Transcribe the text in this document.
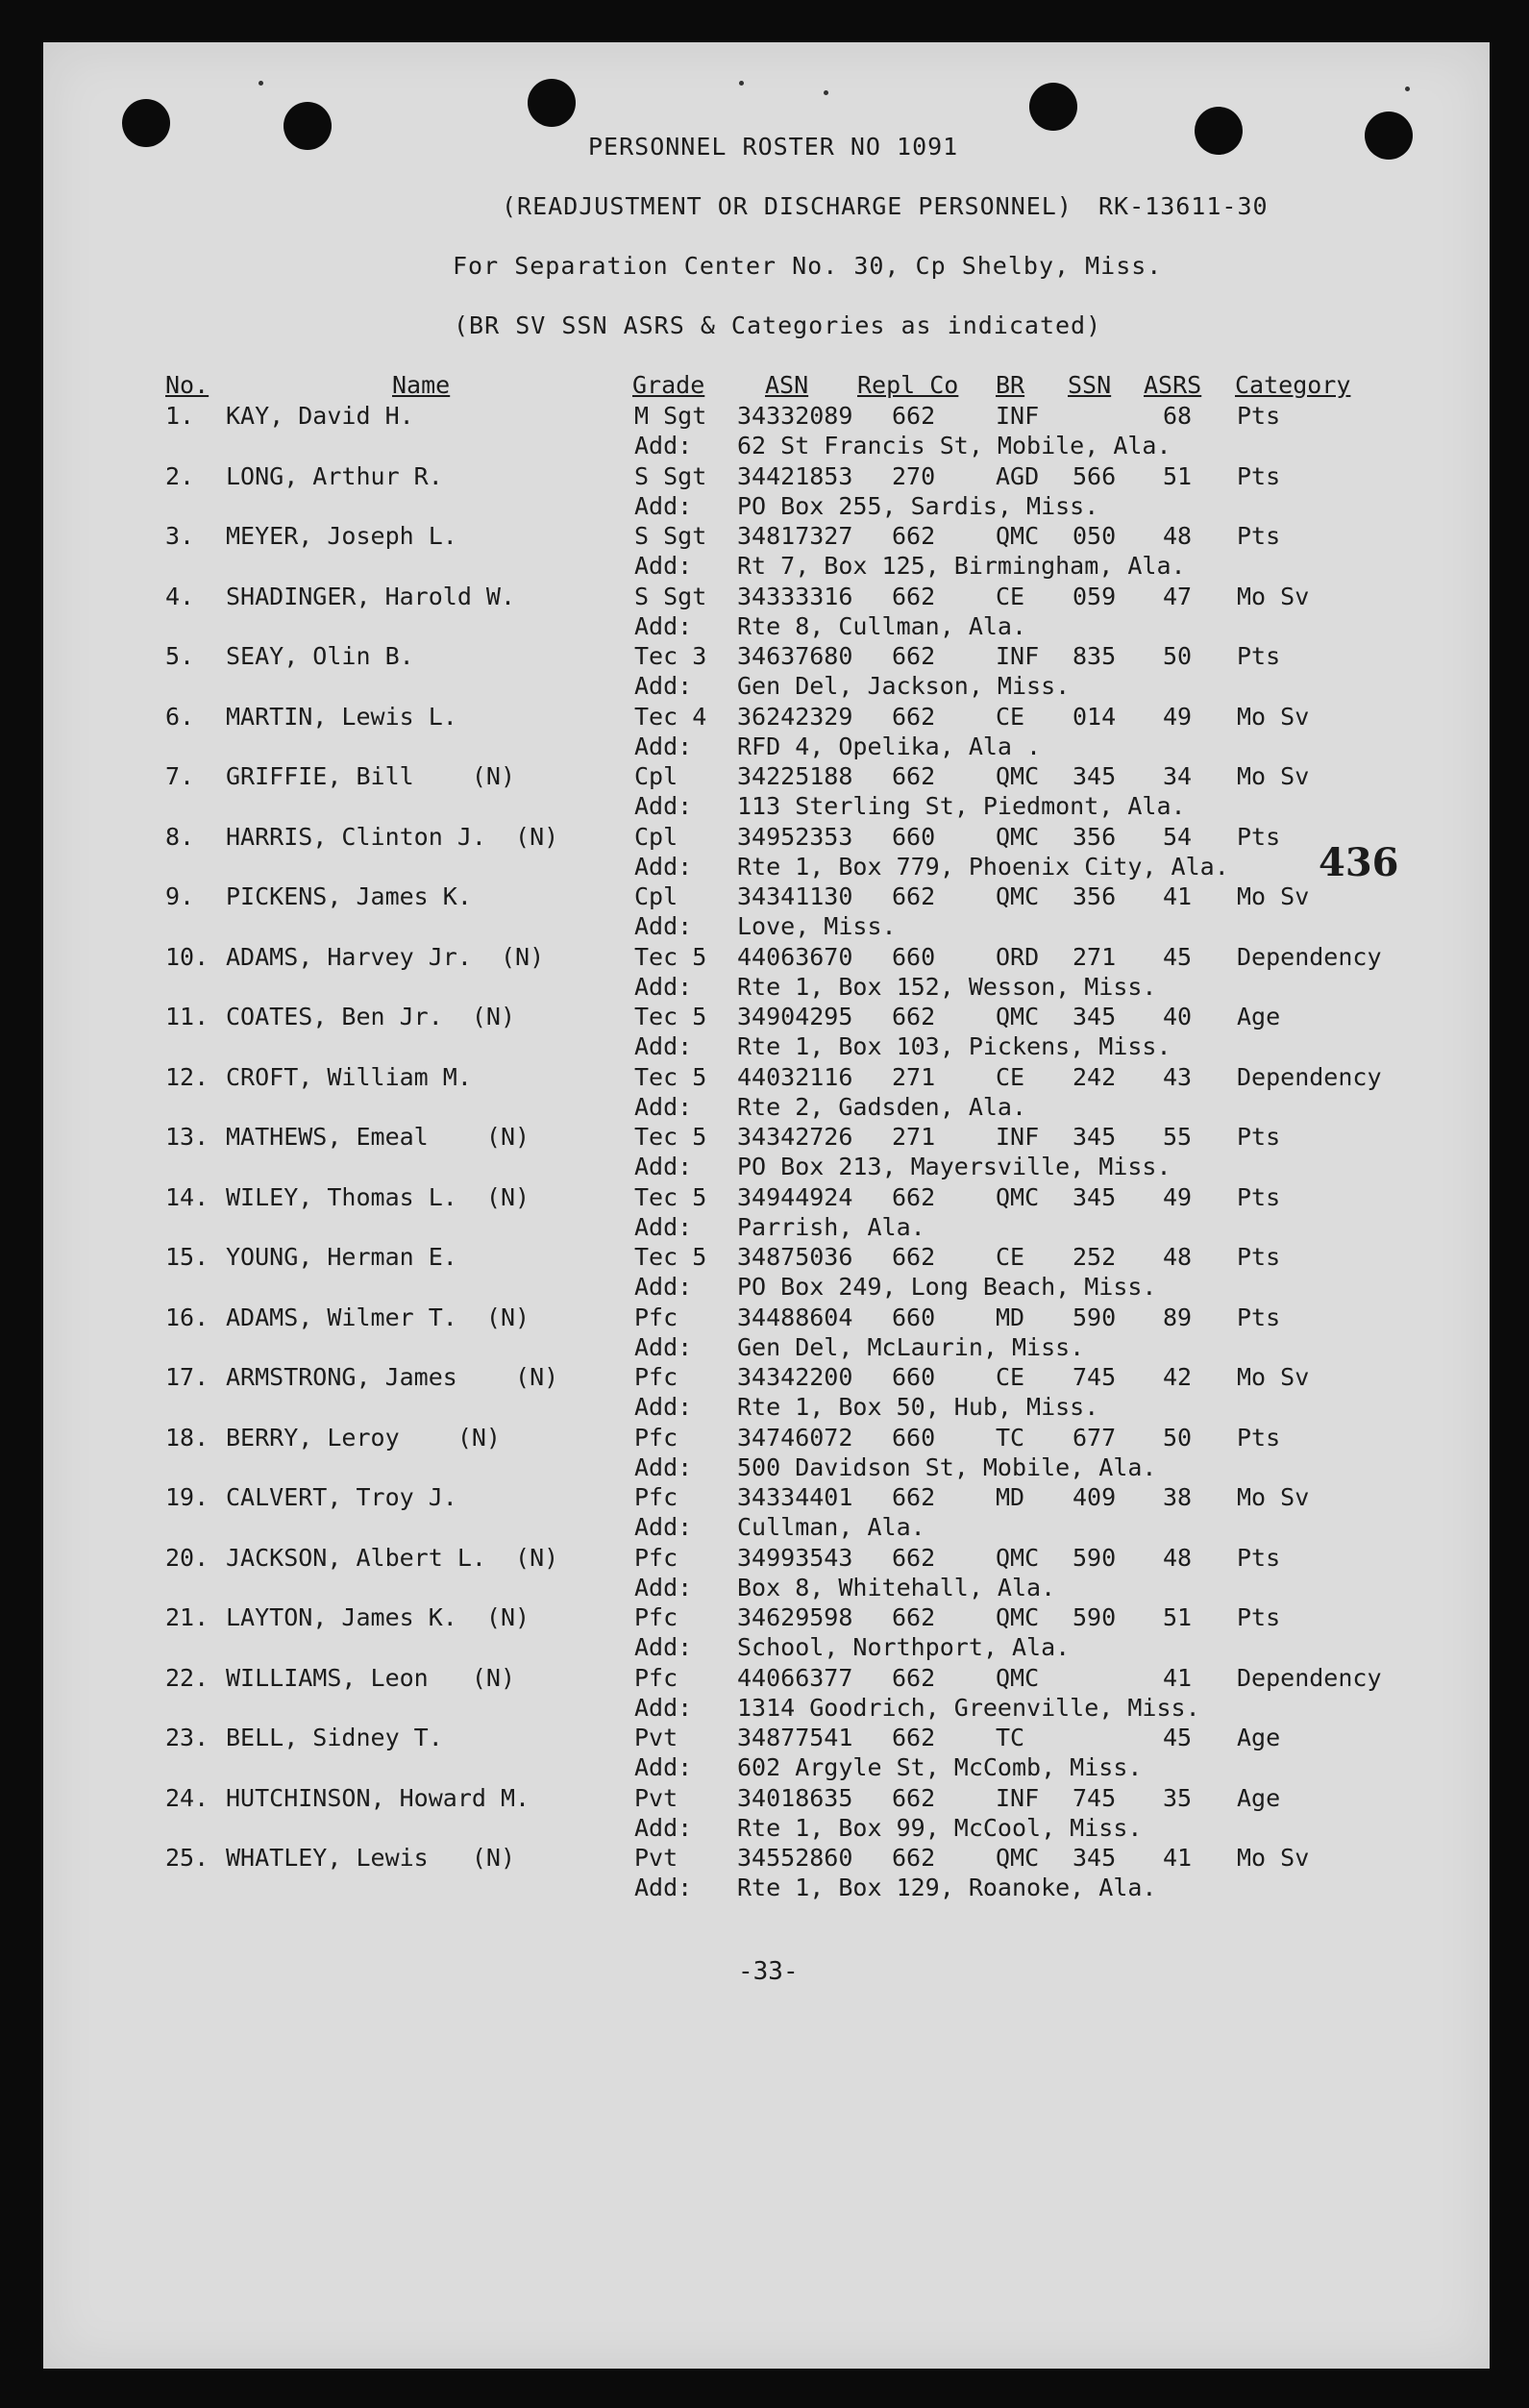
PERSONNEL ROSTER NO 1091

(READJUSTMENT OR DISCHARGE PERSONNEL)

RK-13611-30

For Separation Center No. 30, Cp Shelby, Miss.

(BR SV SSN ASRS & Categories as indicated)

No.	Name	Grade	ASN Repl Co BR SSN ASRS Category
1. KAY, David H.	M Sgt 34332089 662	INF	68 Pts
Add: 62 St Francis St, Mobile, Ala.
2. LONG, Arthur R.	S Sgt 34421853 270	AGD 566 51 Pts
Add: PO Box 255, Sardis, Miss.
3. MEYER, Joseph L.	S Sgt 34817327 662	QMC 050 48 Pts
Add: Rt 7, Box 125, Birmingham, Ala.
4. SHADINGER, Harold W.	S Sgt 34333316 662	CE 059 47 Mo Sv
Add: Rte 8, Cullman, Ala.
5. SEAY, Olin B.	Tec 3 34637680 662	INF 835 50 Pts
Add: Gen Del, Jackson, Miss.
6. MARTIN, Lewis L.	Tec 4 36242329 662	CE 014 49 Mo Sv
Add: RFD 4, Opelika, Ala .
7. GRIFFIE, Bill    (N)	Cpl 34225188 662	QMC 345 34 Mo Sv
Add: 113 Sterling St, Piedmont, Ala.
8. HARRIS, Clinton J.  (N)	Cpl 34952353 660	QMC 356 54 Pts
Add: Rte 1, Box 779, Phoenix City, Ala.
9. PICKENS, James K.	Cpl 34341130 662	QMC 356 41 Mo Sv
Add: Love, Miss.
10. ADAMS, Harvey Jr.  (N)	Tec 5 44063670 660	ORD 271 45 Dependency
Add: Rte 1, Box 152, Wesson, Miss.
11. COATES, Ben Jr.  (N)	Tec 5 34904295 662	QMC 345 40 Age
Add: Rte 1, Box 103, Pickens, Miss.
12. CROFT, William M.	Tec 5 44032116 271	CE 242 43 Dependency
Add: Rte 2, Gadsden, Ala.
13. MATHEWS, Emeal    (N)	Tec 5 34342726 271	INF 345 55 Pts
Add: PO Box 213, Mayersville, Miss.
14. WILEY, Thomas L.  (N)	Tec 5 34944924 662	QMC 345 49 Pts
Add: Parrish, Ala.
15. YOUNG, Herman E.	Tec 5 34875036 662	CE 252 48 Pts
Add: PO Box 249, Long Beach, Miss.
16. ADAMS, Wilmer T.  (N)	Pfc 34488604 660	MD 590 89 Pts
Add: Gen Del, McLaurin, Miss.
17. ARMSTRONG, James    (N)	Pfc 34342200 660	CE 745 42 Mo Sv
Add: Rte 1, Box 50, Hub, Miss.
18. BERRY, Leroy    (N)	Pfc 34746072 660	TC 677 50 Pts
Add: 500 Davidson St, Mobile, Ala.
19. CALVERT, Troy J.	Pfc 34334401 662	MD 409 38 Mo Sv
Add: Cullman, Ala.
20. JACKSON, Albert L.  (N)	Pfc 34993543 662	QMC 590 48 Pts
Add: Box 8, Whitehall, Ala.
21. LAYTON, James K.  (N)	Pfc 34629598 662	QMC 590 51 Pts
Add: School, Northport, Ala.
22. WILLIAMS, Leon   (N)	Pfc 44066377 662	QMC	41 Dependency
Add: 1314 Goodrich, Greenville, Miss.
23. BELL, Sidney T.	Pvt 34877541 662	TC	45 Age
Add: 602 Argyle St, McComb, Miss.
24. HUTCHINSON, Howard M.	Pvt 34018635 662	INF 745 35 Age
Add: Rte 1, Box 99, McCool, Miss.
25. WHATLEY, Lewis   (N)	Pvt 34552860 662	QMC 345 41 Mo Sv
Add: Rte 1, Box 129, Roanoke, Ala.
436
-33-
